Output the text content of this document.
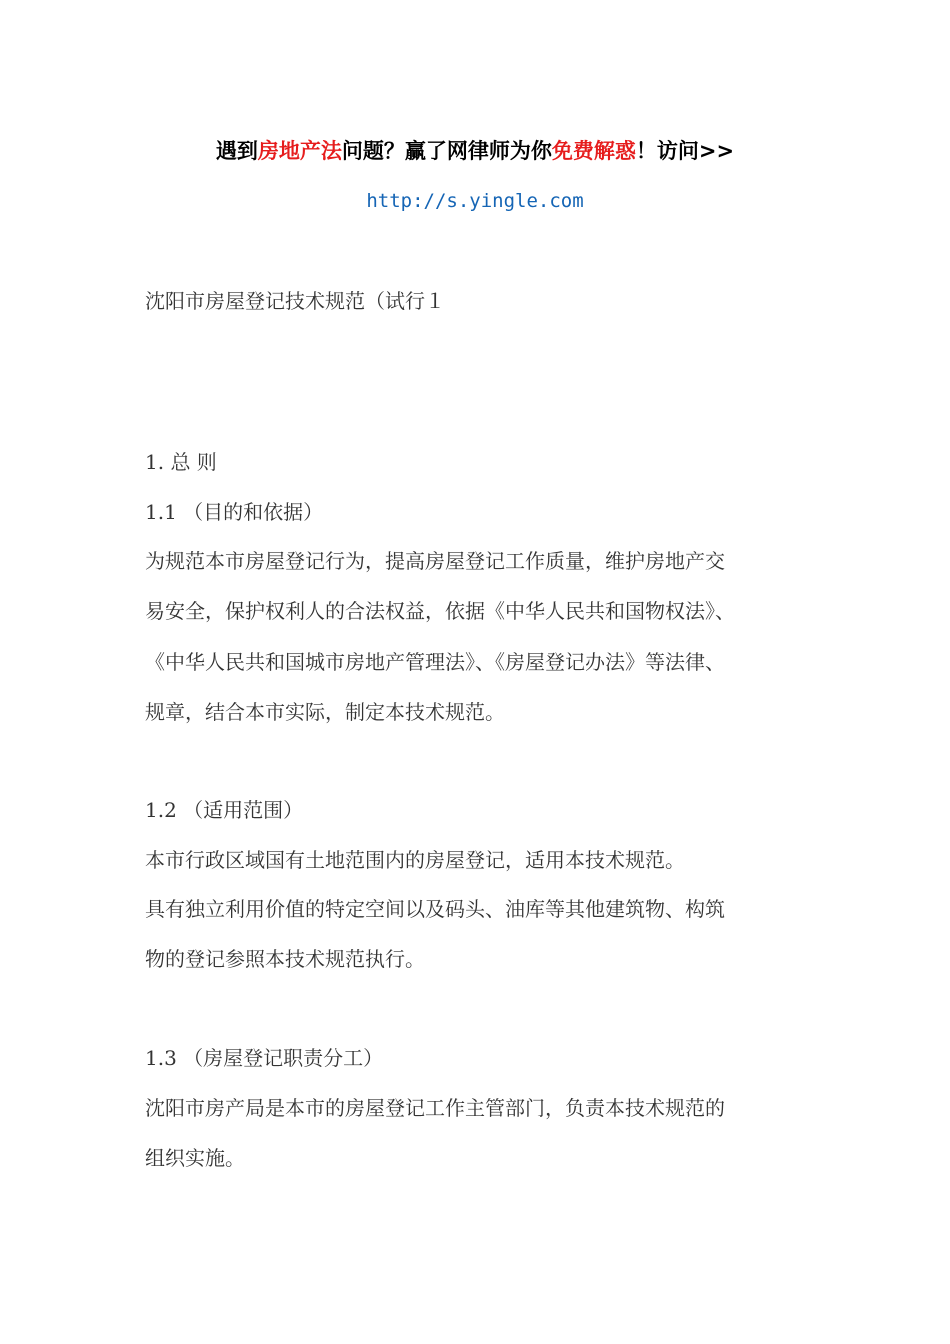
遇到房地产法问题？赢了网律师为你免费解惑！访问>>
http://s.yingle.com
沈阳市房屋登记技术规范（试行１
1. 总 则
1.1 （目的和依据）
为规范本市房屋登记行为，提高房屋登记工作质量，维护房地产交
易安全，保护权利人的合法权益，依据《中华人民共和国物权法》、
《中华人民共和国城市房地产管理法》、《房屋登记办法》等法律、
规章，结合本市实际，制定本技术规范。
1.2 （适用范围）
本市行政区域国有土地范围内的房屋登记，适用本技术规范。
具有独立利用价值的特定空间以及码头、油库等其他建筑物、构筑
物的登记参照本技术规范执行。
1.3 （房屋登记职责分工）
沈阳市房产局是本市的房屋登记工作主管部门，负责本技术规范的
组织实施。
